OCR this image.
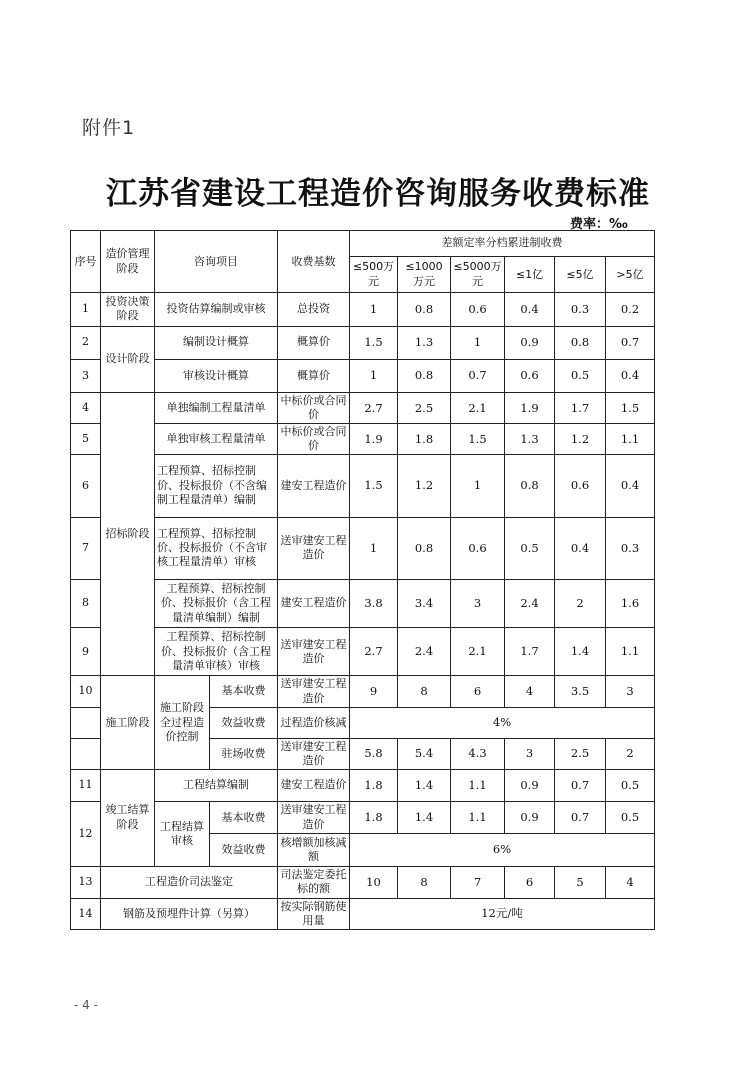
附件1
江苏省建设工程造价咨询服务收费标准
费率：‰
序号	造价管理阶段	咨询项目		收费基数	差额定率分档累进制收费					
					≤500万元	≤1000万元	≤5000万元	≤1亿	≤5亿	>5亿
1	投资决策阶段	投资估算编制或审核		总投资	1	0.8	0.6	0.4	0.3	0.2
2	设计阶段	编制设计概算		概算价	1.5	1.3	1	0.9	0.8	0.7
3		审核设计概算		概算价	1	0.8	0.7	0.6	0.5	0.4
4	招标阶段	单独编制工程量清单		中标价或合同价	2.7	2.5	2.1	1.9	1.7	1.5
5		单独审核工程量清单		中标价或合同价	1.9	1.8	1.5	1.3	1.2	1.1
6		工程预算、招标控制价、投标报价（不含编制工程量清单）编制		建安工程造价	1.5	1.2	1	0.8	0.6	0.4
7		工程预算、招标控制价、投标报价（不含审核工程量清单）审核		送审建安工程造价	1	0.8	0.6	0.5	0.4	0.3
8		工程预算、招标控制价、投标报价（含工程量清单编制）编制		建安工程造价	3.8	3.4	3	2.4	2	1.6
9		工程预算、招标控制价、投标报价（含工程量清单审核）审核		送审建安工程造价	2.7	2.4	2.1	1.7	1.4	1.1
10	施工阶段	施工阶段全过程造价控制	基本收费	送审建安工程造价	9	8	6	4	3.5	3
			效益收费	过程造价核减	4%					
			驻场收费	送审建安工程造价	5.8	5.4	4.3	3	2.5	2
11	竣工结算阶段	工程结算编制		建安工程造价	1.8	1.4	1.1	0.9	0.7	0.5
12		工程结算审核	基本收费	送审建安工程造价	1.8	1.4	1.1	0.9	0.7	0.5
			效益收费	核增额加核减额	6%					
13	工程造价司法鉴定			司法鉴定委托标的额	10	8	7	6	5	4
14	钢筋及预埋件计算（另算）			按实际钢筋使用量	12元/吨					
- 4 -
